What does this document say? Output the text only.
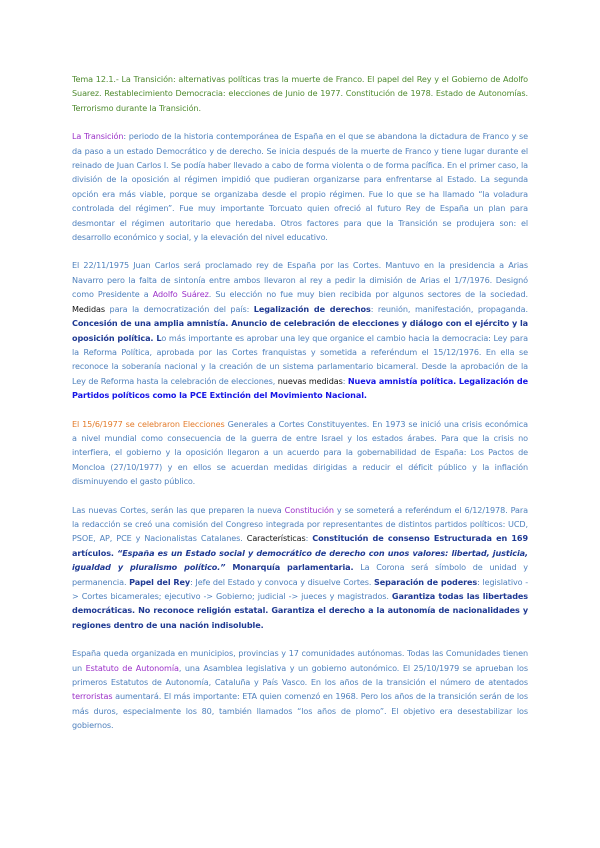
Tema 12.1.- La Transición: alternativas políticas tras la muerte de Franco. El papel del Rey y el Gobierno de Adolfo Suarez. Restablecimiento Democracia: elecciones de Junio de 1977. Constitución de 1978. Estado de Autonomías. Terrorismo durante la Transición.

La Transición: periodo de la historia contemporánea de España en el que se abandona la dictadura de Franco y se da paso a un estado Democrático y de derecho. Se inicia después de la muerte de Franco y tiene lugar durante el reinado de Juan Carlos I. Se podía haber llevado a cabo de forma violenta o de forma pacífica. En el primer caso, la división de la oposición al régimen impidió que pudieran organizarse para enfrentarse al Estado. La segunda opción era más viable, porque se organizaba desde el propio régimen. Fue lo que se ha llamado “la voladura controlada del régimen”. Fue muy importante Torcuato quien ofreció al futuro Rey de España un plan para desmontar el régimen autoritario que heredaba. Otros factores para que la Transición se produjera son: el desarrollo económico y social, y la elevación del nivel educativo.

El 22/11/1975 Juan Carlos será proclamado rey de España por las Cortes. Mantuvo en la presidencia a Arias Navarro pero la falta de sintonía entre ambos llevaron al rey a pedir la dimisión de Arias el 1/7/1976. Designó como Presidente a Adolfo Suárez. Su elección no fue muy bien recibida por algunos sectores de la sociedad. Medidas para la democratización del país: Legalización de derechos: reunión, manifestación, propaganda. Concesión de una amplia amnistía. Anuncio de celebración de elecciones y diálogo con el ejército y la oposición política. Lo más importante es aprobar una ley que organice el cambio hacia la democracia: Ley para la Reforma Política, aprobada por las Cortes franquistas y sometida a referéndum el 15/12/1976. En ella se reconoce la soberanía nacional y la creación de un sistema parlamentario bicameral. Desde la aprobación de la Ley de Reforma hasta la celebración de elecciones, nuevas medidas: Nueva amnistía política. Legalización de Partidos políticos como la PCE Extinción del Movimiento Nacional.

El 15/6/1977 se celebraron Elecciones Generales a Cortes Constituyentes. En 1973 se inició una crisis económica a nivel mundial como consecuencia de la guerra de entre Israel y los estados árabes. Para que la crisis no interfiera, el gobierno y la oposición llegaron a un acuerdo para la gobernabilidad de España: Los Pactos de Moncloa (27/10/1977) y en ellos se acuerdan medidas dirigidas a reducir el déficit público y la inflación disminuyendo el gasto público.

Las nuevas Cortes, serán las que preparen la nueva Constitución y se someterá a referéndum el 6/12/1978. Para la redacción se creó una comisión del Congreso integrada por representantes de distintos partidos políticos: UCD, PSOE, AP, PCE y Nacionalistas Catalanes. Características: Constitución de consenso Estructurada en 169 artículos. “España es un Estado social y democrático de derecho con unos valores: libertad, justicia, igualdad y pluralismo político.” Monarquía parlamentaria. La Corona será símbolo de unidad y permanencia. Papel del Rey: Jefe del Estado y convoca y disuelve Cortes. Separación de poderes: legislativo -> Cortes bicamerales; ejecutivo -> Gobierno; judicial -> jueces y magistrados. Garantiza todas las libertades democráticas. No reconoce religión estatal. Garantiza el derecho a la autonomía de nacionalidades y regiones dentro de una nación indisoluble.

España queda organizada en municipios, provincias y 17 comunidades autónomas. Todas las Comunidades tienen un Estatuto de Autonomía, una Asamblea legislativa y un gobierno autonómico. El 25/10/1979 se aprueban los primeros Estatutos de Autonomía, Cataluña y País Vasco. En los años de la transición el número de atentados terroristas aumentará. El más importante: ETA quien comenzó en 1968. Pero los años de la transición serán de los más duros, especialmente los 80, también llamados “los años de plomo”. El objetivo era desestabilizar los gobiernos.
